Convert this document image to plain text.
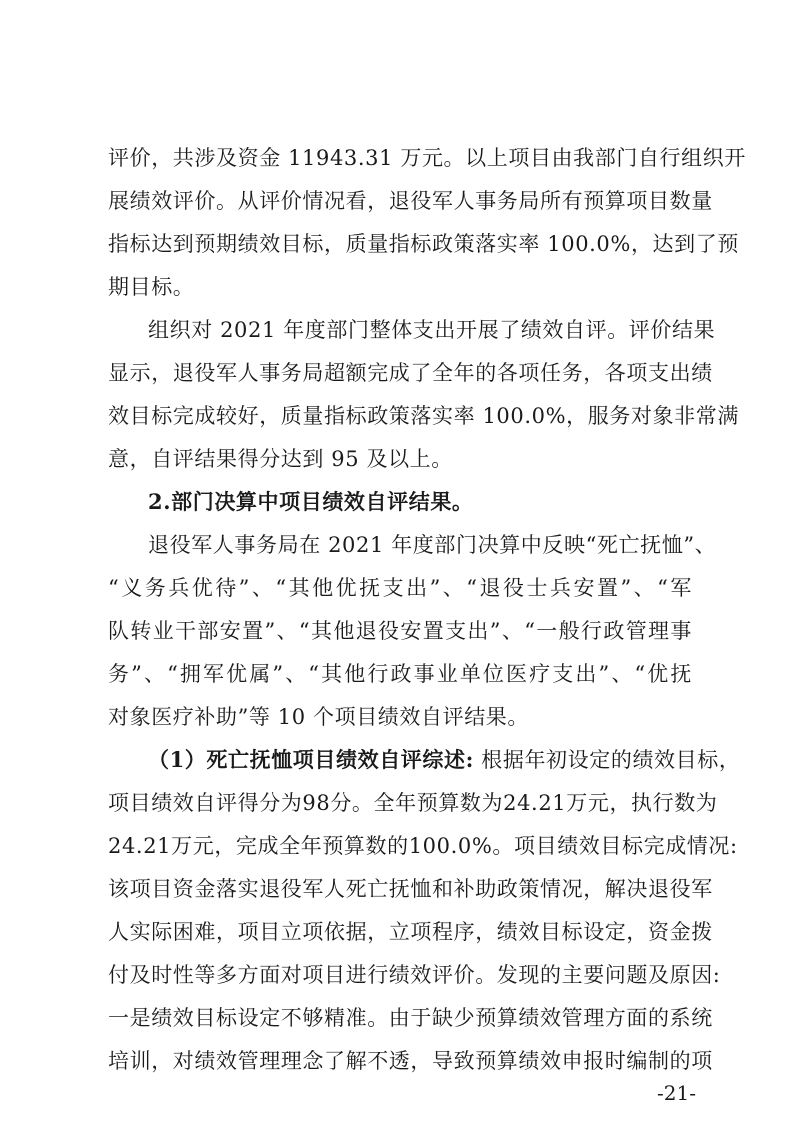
评价，共涉及资金 11943.31 万元。以上项目由我部门自行组织开
展绩效评价。从评价情况看，退役军人事务局所有预算项目数量
指标达到预期绩效目标，质量指标政策落实率 100.0%，达到了预
期目标。
组织对 2021 年度部门整体支出开展了绩效自评。评价结果
显示，退役军人事务局超额完成了全年的各项任务，各项支出绩
效目标完成较好，质量指标政策落实率 100.0%，服务对象非常满
意，自评结果得分达到 95 及以上。
2.部门决算中项目绩效自评结果。
退役军人事务局在 2021 年度部门决算中反映“死亡抚恤”、
“义务兵优待”、“其他优抚支出”、“退役士兵安置”、“军
队转业干部安置”、“其他退役安置支出”、“一般行政管理事
务”、“拥军优属”、“其他行政事业单位医疗支出”、“优抚
对象医疗补助”等 10 个项目绩效自评结果。
（1）死亡抚恤项目绩效自评综述: 根据年初设定的绩效目标，
项目绩效自评得分为98分。全年预算数为24.21万元，执行数为
24.21万元，完成全年预算数的100.0%。项目绩效目标完成情况:
该项目资金落实退役军人死亡抚恤和补助政策情况，解决退役军
人实际困难，项目立项依据，立项程序，绩效目标设定，资金拨
付及时性等多方面对项目进行绩效评价。发现的主要问题及原因:
一是绩效目标设定不够精准。由于缺少预算绩效管理方面的系统
培训，对绩效管理理念了解不透，导致预算绩效申报时编制的项
-21-
